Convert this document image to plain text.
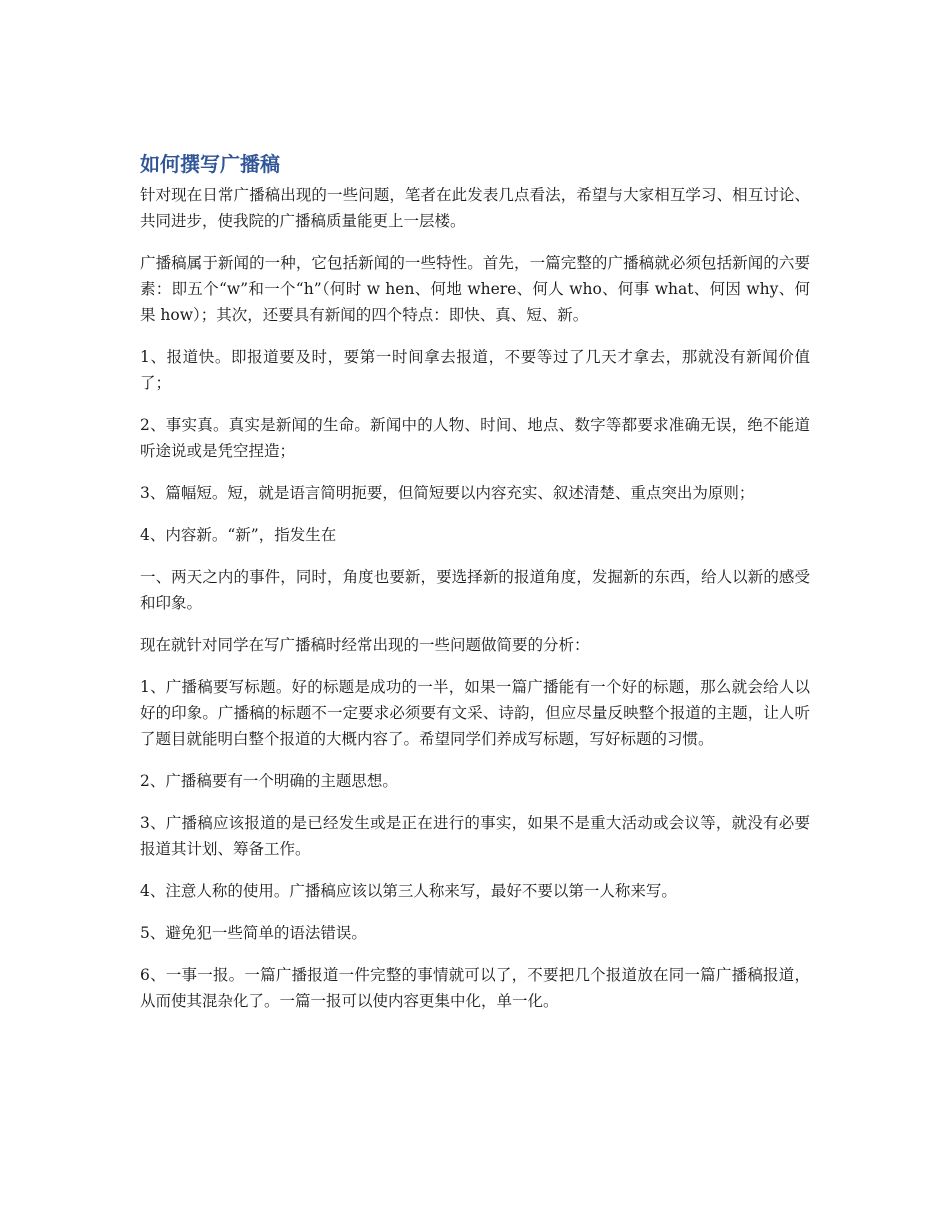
如何撰写广播稿

针对现在日常广播稿出现的一些问题，笔者在此发表几点看法，希望与大家相互学习、相互讨论、共同进步，使我院的广播稿质量能更上一层楼。

广播稿属于新闻的一种，它包括新闻的一些特性。首先，一篇完整的广播稿就必须包括新闻的六要素：即五个“w”和一个“h”（何时 w hen、何地 where、何人 who、何事 what、何因 why、何果 how）；其次，还要具有新闻的四个特点：即快、真、短、新。

1、报道快。即报道要及时，要第一时间拿去报道，不要等过了几天才拿去，那就没有新闻价值了；

2、事实真。真实是新闻的生命。新闻中的人物、时间、地点、数字等都要求准确无误，绝不能道听途说或是凭空捏造；

3、篇幅短。短，就是语言简明扼要，但简短要以内容充实、叙述清楚、重点突出为原则；

4、内容新。“新”，指发生在

一、两天之内的事件，同时，角度也要新，要选择新的报道角度，发掘新的东西，给人以新的感受和印象。

现在就针对同学在写广播稿时经常出现的一些问题做简要的分析：

1、广播稿要写标题。好的标题是成功的一半，如果一篇广播能有一个好的标题，那么就会给人以好的印象。广播稿的标题不一定要求必须要有文采、诗韵，但应尽量反映整个报道的主题，让人听了题目就能明白整个报道的大概内容了。希望同学们养成写标题，写好标题的习惯。

2、广播稿要有一个明确的主题思想。

3、广播稿应该报道的是已经发生或是正在进行的事实，如果不是重大活动或会议等，就没有必要报道其计划、筹备工作。

4、注意人称的使用。广播稿应该以第三人称来写，最好不要以第一人称来写。

5、避免犯一些简单的语法错误。

6、一事一报。一篇广播报道一件完整的事情就可以了，不要把几个报道放在同一篇广播稿报道，从而使其混杂化了。一篇一报可以使内容更集中化，单一化。
